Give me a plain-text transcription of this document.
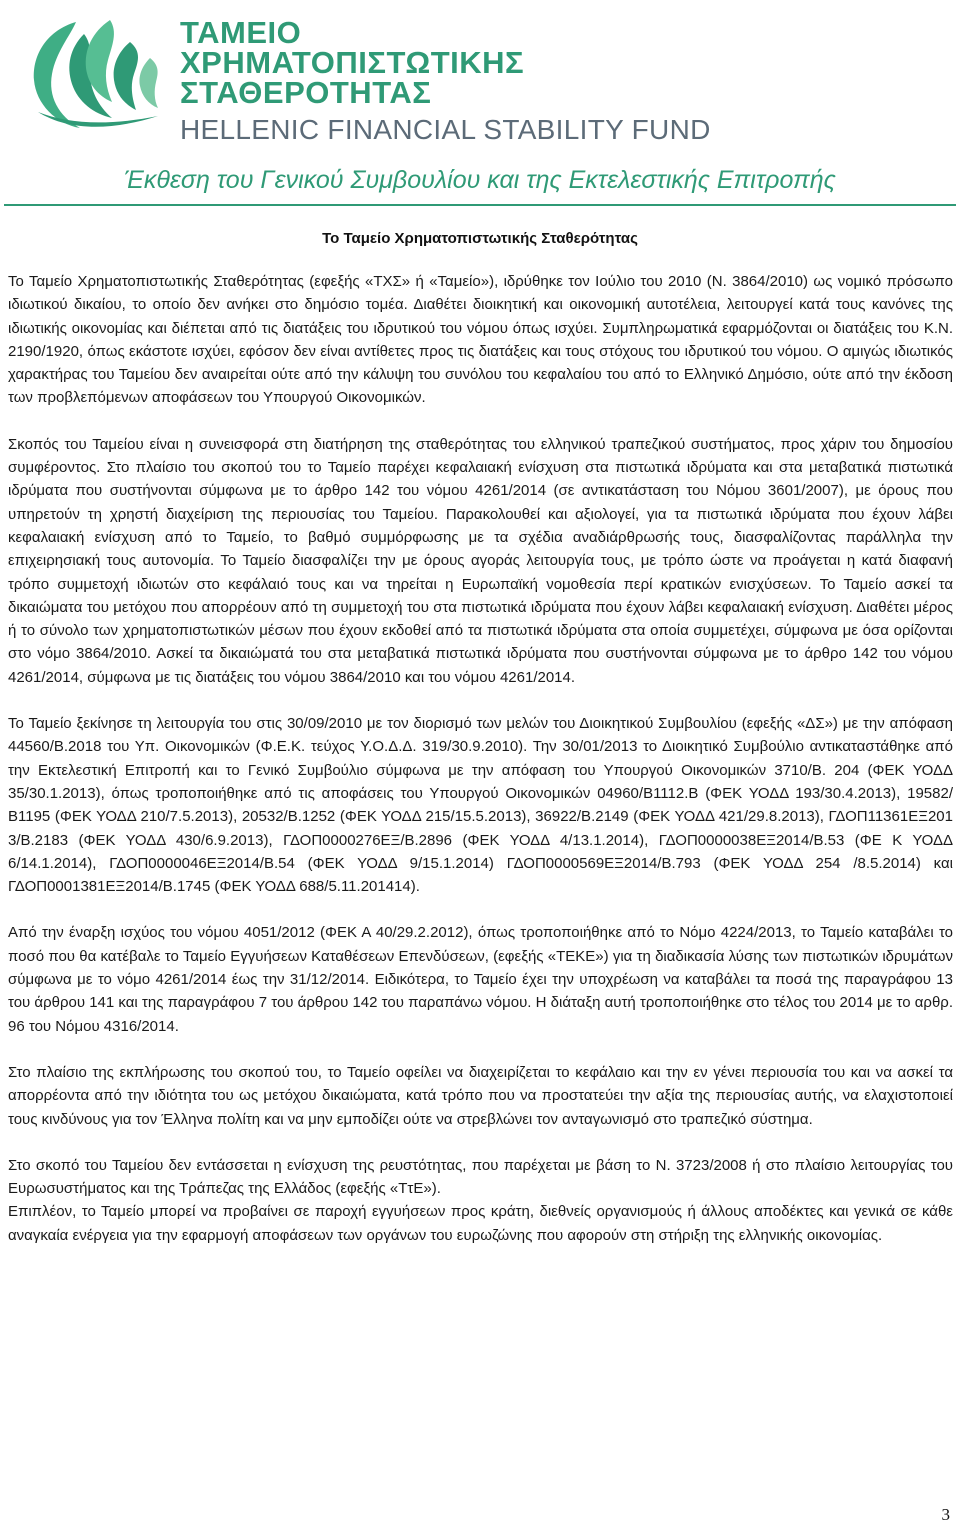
ΤΑΜΕΙΟ
ΧΡΗΜΑΤΟΠΙΣΤΩΤΙΚΗΣ
ΣΤΑΘΕΡΟΤΗΤΑΣ
HELLENIC FINANCIAL STABILITY FUND
Έκθεση του Γενικού Συμβουλίου και της Εκτελεστικής Επιτροπής
Το Ταμείο Χρηματοπιστωτικής Σταθερότητας

Το Ταμείο Χρηματοπιστωτικής Σταθερότητας (εφεξής «ΤΧΣ» ή «Ταμείο»), ιδρύθηκε τον Ιούλιο του 2010 (Ν. 3864/2010) ως νομικό πρόσωπο ιδιωτικού δικαίου, το οποίο δεν ανήκει στο δημόσιο τομέα. Διαθέτει διοικητική και οικονομική αυτοτέλεια, λειτουργεί κατά τους κανόνες της ιδιωτικής οικονομίας και διέπεται από τις διατάξεις του ιδρυτικού του νόμου όπως ισχύει. Συμπληρωματικά εφαρμόζονται οι διατάξεις του Κ.Ν. 2190/1920, όπως εκάστοτε ισχύει, εφόσον δεν είναι αντίθετες προς τις διατάξεις και τους στόχους του ιδρυτικού του νόμου. Ο αμιγώς ιδιωτικός χαρακτήρας του Ταμείου δεν αναιρείται ούτε από την κάλυψη του συνόλου του κεφαλαίου του από το Ελληνικό Δημόσιο, ούτε από την έκδοση των προβλεπόμενων αποφάσεων του Υπουργού Οικονομικών.

Σκοπός του Ταμείου είναι η συνεισφορά στη διατήρηση της σταθερότητας του ελληνικού τραπεζικού συστήματος, προς χάριν του δημοσίου συμφέροντος. Στο πλαίσιο του σκοπού του το Ταμείο παρέχει κεφαλαιακή ενίσχυση στα πιστωτικά ιδρύματα και στα μεταβατικά πιστωτικά ιδρύματα που συστήνονται σύμφωνα με το άρθρο 142 του νόμου 4261/2014 (σε αντικατάσταση του Νόμου 3601/2007), με όρους που υπηρετούν τη χρηστή διαχείριση της περιουσίας του Ταμείου. Παρακολουθεί και αξιολογεί, για τα πιστωτικά ιδρύματα που έχουν λάβει κεφαλαιακή ενίσχυση από το Ταμείο, το βαθμό συμμόρφωσης με τα σχέδια αναδιάρθρωσής τους, διασφαλίζοντας παράλληλα την επιχειρησιακή τους αυτονομία. Το Ταμείο διασφαλίζει την με όρους αγοράς λειτουργία τους, με τρόπο ώστε να προάγεται η κατά διαφανή τρόπο συμμετοχή ιδιωτών στο κεφάλαιό τους και να τηρείται η Ευρωπαϊκή νομοθεσία περί κρατικών ενισχύσεων. Το Ταμείο ασκεί τα δικαιώματα του μετόχου που απορρέουν από τη συμμετοχή του στα πιστωτικά ιδρύματα που έχουν λάβει κεφαλαιακή ενίσχυση. Διαθέτει μέρος ή το σύνολο των χρηματοπιστωτικών μέσων που έχουν εκδοθεί από τα πιστωτικά ιδρύματα στα οποία συμμετέχει, σύμφωνα με όσα ορίζονται στο νόμο 3864/2010. Ασκεί τα δικαιώματά του στα μεταβατικά πιστωτικά ιδρύματα που συστήνονται σύμφωνα με το άρθρο 142 του νόμου 4261/2014, σύμφωνα με τις διατάξεις του νόμου 3864/2010 και του νόμου 4261/2014.

Το Ταμείο ξεκίνησε τη λειτουργία του στις 30/09/2010 με τον διορισμό των μελών του Διοικητικού Συμβουλίου (εφεξής «ΔΣ») με την απόφαση 44560/Β.2018 του Υπ. Οικονομικών (Φ.Ε.Κ. τεύχος Υ.Ο.Δ.Δ. 319/30.9.2010). Την 30/01/2013 το Διοικητικό Συμβούλιο αντικαταστάθηκε από την Εκτελεστική Επιτροπή και το Γενικό Συμβούλιο σύμφωνα με την απόφαση του Υπουργού Οικονομικών 3710/Β. 204 (ΦΕΚ ΥΟΔΔ 35/30.1.2013), όπως τροποποιήθηκε από τις αποφάσεις του Υπουργού Οικονομικών 04960/Β1112.Β (ΦΕΚ ΥΟΔΔ 193/30.4.2013), 19582/Β1195 (ΦΕΚ ΥΟΔΔ 210/7.5.2013), 20532/Β.1252 (ΦΕΚ ΥΟΔΔ 215/15.5.2013), 36922/Β.2149 (ΦΕΚ ΥΟΔΔ 421/29.8.2013), ΓΔΟΠ11361ΕΞ201 3/Β.2183 (ΦΕΚ ΥΟΔΔ 430/6.9.2013), ΓΔΟΠ0000276ΕΞ/Β.2896 (ΦΕΚ ΥΟΔΔ 4/13.1.2014), ΓΔΟΠ0000038ΕΞ2014/Β.53 (ΦΕ Κ ΥΟΔΔ 6/14.1.2014), ΓΔΟΠ0000046ΕΞ2014/Β.54 (ΦΕΚ ΥΟΔΔ 9/15.1.2014) ΓΔΟΠ0000569ΕΞ2014/Β.793 (ΦΕΚ ΥΟΔΔ 254 /8.5.2014) και ΓΔΟΠ0001381ΕΞ2014/Β.1745 (ΦΕΚ ΥΟΔΔ 688/5.11.201414).

Από την έναρξη ισχύος του νόμου 4051/2012 (ΦΕΚ Α 40/29.2.2012), όπως τροποποιήθηκε από το Νόμο 4224/2013, το Ταμείο καταβάλει το ποσό που θα κατέβαλε το Ταμείο Εγγυήσεων Καταθέσεων Επενδύσεων, (εφεξής «ΤΕΚΕ») για τη διαδικασία λύσης των πιστωτικών ιδρυμάτων σύμφωνα με το νόμο 4261/2014 έως την 31/12/2014. Ειδικότερα, το Ταμείο έχει την υποχρέωση να καταβάλει τα ποσά της παραγράφου 13 του άρθρου 141 και της παραγράφου 7 του άρθρου 142 του παραπάνω νόμου. Η διάταξη αυτή τροποποιήθηκε στο τέλος του 2014 με το αρθρ. 96 του Νόμου 4316/2014.

Στο πλαίσιο της εκπλήρωσης του σκοπού του, το Ταμείο οφείλει να διαχειρίζεται το κεφάλαιο και την εν γένει περιουσία του και να ασκεί τα απορρέοντα από την ιδιότητα του ως μετόχου δικαιώματα, κατά τρόπο που να προστατεύει την αξία της περιουσίας αυτής, να ελαχιστοποιεί τους κινδύνους για τον Έλληνα πολίτη και να μην εμποδίζει ούτε να στρεβλώνει τον ανταγωνισμό στο τραπεζικό σύστημα.

Στο σκοπό του Ταμείου δεν εντάσσεται η ενίσχυση της ρευστότητας, που παρέχεται με βάση το Ν. 3723/2008 ή στο πλαίσιο λειτουργίας του Ευρωσυστήματος και της Τράπεζας της Ελλάδος (εφεξής «ΤτΕ»).

Επιπλέον, το Ταμείο μπορεί να προβαίνει σε παροχή εγγυήσεων προς κράτη, διεθνείς οργανισμούς ή άλλους αποδέκτες και γενικά σε κάθε αναγκαία ενέργεια για την εφαρμογή αποφάσεων των οργάνων του ευρωζώνης που αφορούν στη στήριξη της ελληνικής οικονομίας.

3
